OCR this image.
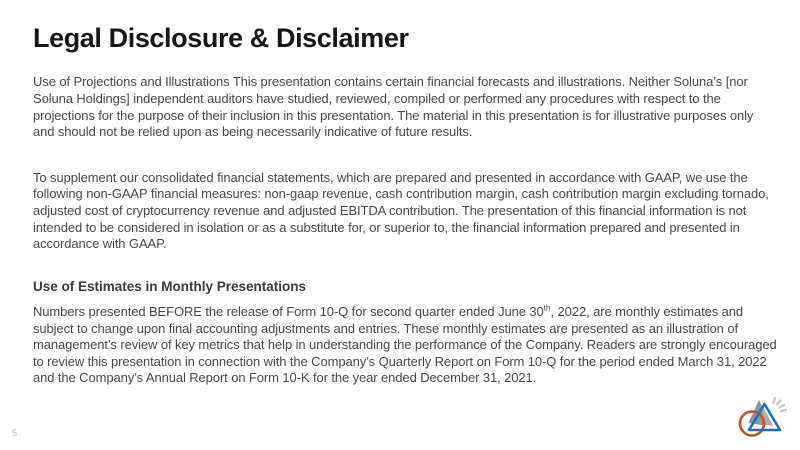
Legal Disclosure & Disclaimer

Use of Projections and Illustrations This presentation contains certain financial forecasts and illustrations. Neither Soluna’s [nor Soluna Holdings] independent auditors have studied, reviewed, compiled or performed any procedures with respect to the projections for the purpose of their inclusion in this presentation. The material in this presentation is for illustrative purposes only and should not be relied upon as being necessarily indicative of future results.

To supplement our consolidated financial statements, which are prepared and presented in accordance with GAAP, we use the following non-GAAP financial measures: non-gaap revenue, cash contribution margin, cash contribution margin excluding tornado, adjusted cost of cryptocurrency revenue and adjusted EBITDA contribution. The presentation of this financial information is not intended to be considered in isolation or as a substitute for, or superior to, the financial information prepared and presented in accordance with GAAP.

Use of Estimates in Monthly Presentations

Numbers presented BEFORE the release of Form 10-Q for second quarter ended June 30th, 2022, are monthly estimates and subject to change upon final accounting adjustments and entries. These monthly estimates are presented as an illustration of management’s review of key metrics that help in understanding the performance of the Company. Readers are strongly encouraged to review this presentation in connection with the Company’s Quarterly Report on Form 10-Q for the period ended March 31, 2022 and the Company’s Annual Report on Form 10-K for the year ended December 31, 2021.

5
